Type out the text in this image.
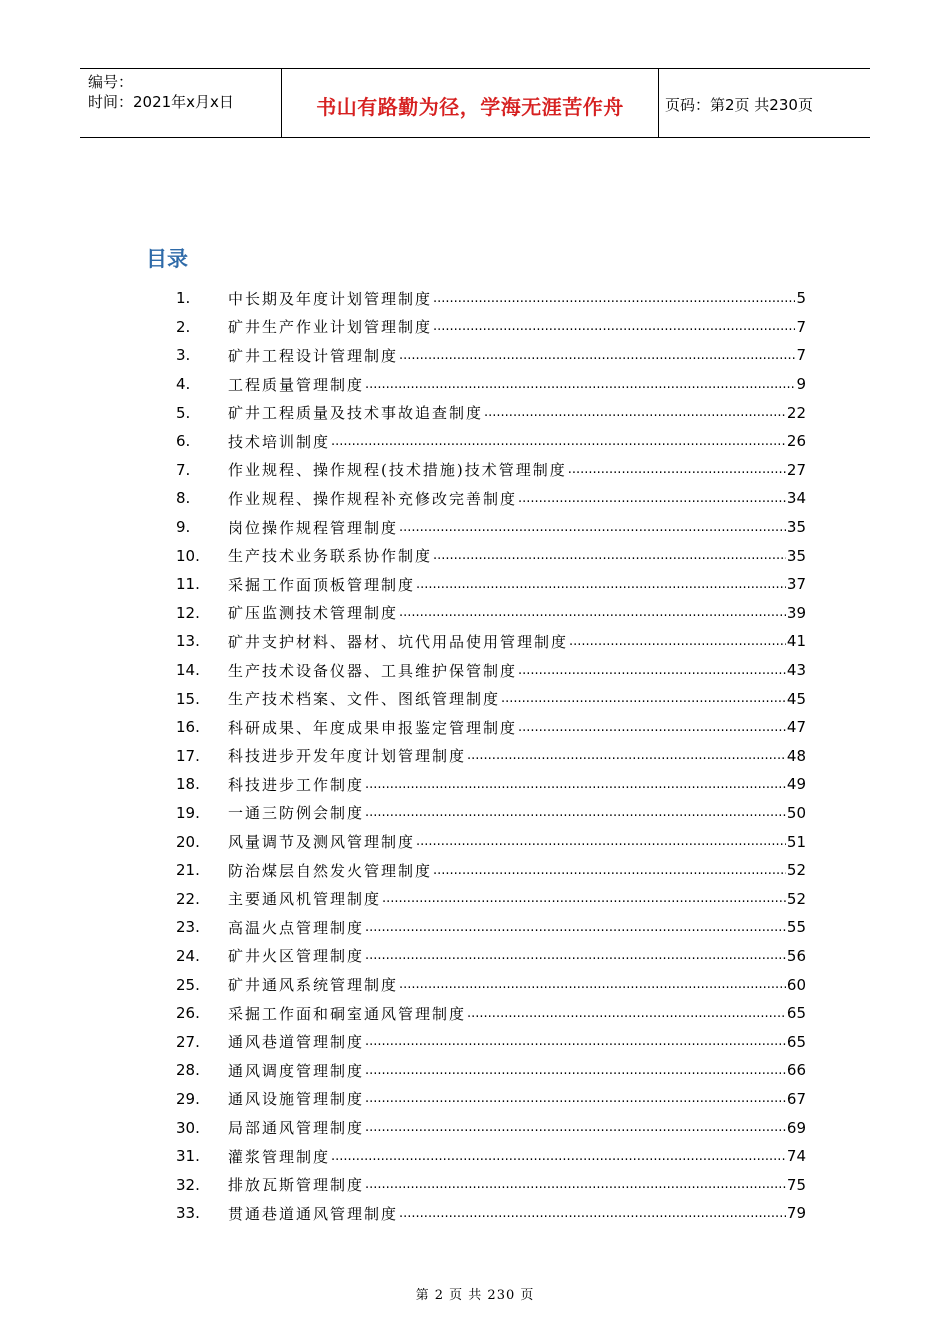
编号：
时间：2021年x月x日	书山有路勤为径，学海无涯苦作舟	页码：第2页 共230页
目录
1.	中长期及年度计划管理制度 .....	5
2.	矿井生产作业计划管理制度 .....	7
3.	矿井工程设计管理制度 .....	7
4.	工程质量管理制度 .....	9
5.	矿井工程质量及技术事故追查制度 .....	22
6.	技术培训制度 .....	26
7.	作业规程、操作规程(技术措施)技术管理制度 .....	27
8.	作业规程、操作规程补充修改完善制度 .....	34
9.	岗位操作规程管理制度 .....	35
10.	生产技术业务联系协作制度 .....	35
11.	采掘工作面顶板管理制度 .....	37
12.	矿压监测技术管理制度 .....	39
13.	矿井支护材料、器材、坑代用品使用管理制度 .....	41
14.	生产技术设备仪器、工具维护保管制度 .....	43
15.	生产技术档案、文件、图纸管理制度 .....	45
16.	科研成果、年度成果申报鉴定管理制度 .....	47
17.	科技进步开发年度计划管理制度 .....	48
18.	科技进步工作制度 .....	49
19.	一通三防例会制度 .....	50
20.	风量调节及测风管理制度 .....	51
21.	防治煤层自然发火管理制度 .....	52
22.	主要通风机管理制度 .....	52
23.	高温火点管理制度 .....	55
24.	矿井火区管理制度 .....	56
25.	矿井通风系统管理制度 .....	60
26.	采掘工作面和硐室通风管理制度 .....	65
27.	通风巷道管理制度 .....	65
28.	通风调度管理制度 .....	66
29.	通风设施管理制度 .....	67
30.	局部通风管理制度 .....	69
31.	灌浆管理制度 .....	74
32.	排放瓦斯管理制度 .....	75
33.	贯通巷道通风管理制度 .....	79
第 2 页 共 230 页
